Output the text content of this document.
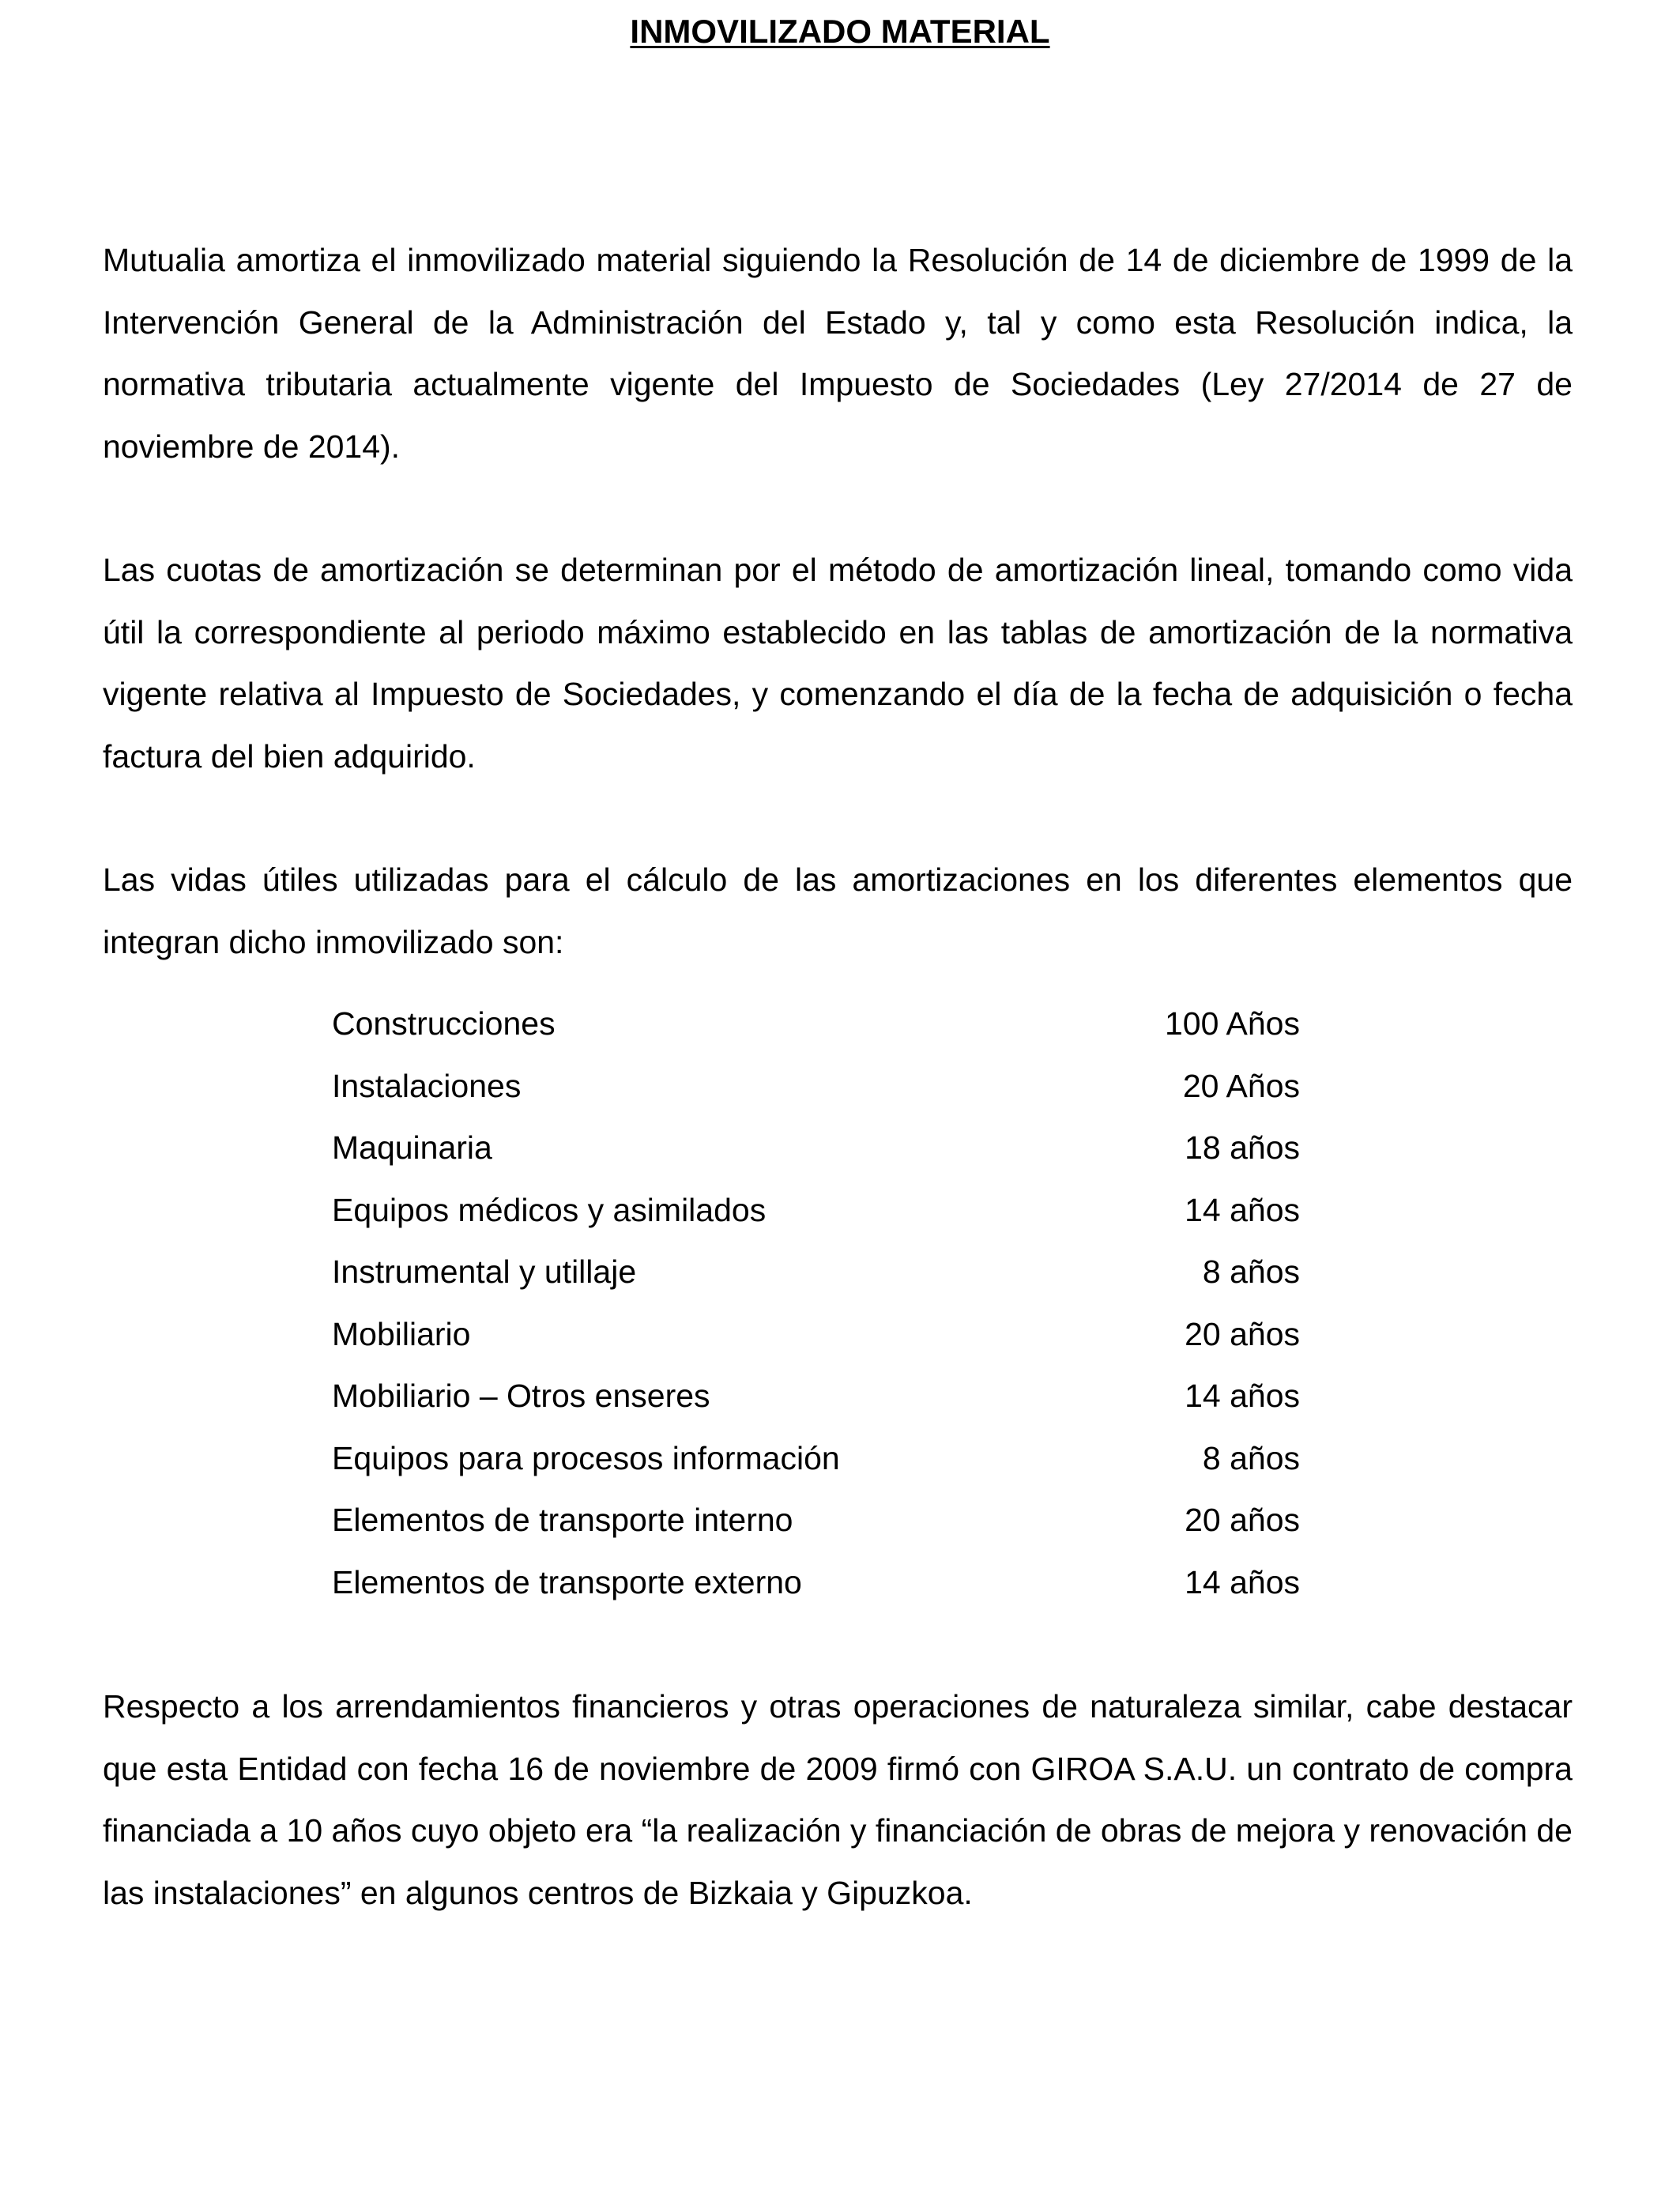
INMOVILIZADO MATERIAL

Mutualia amortiza el inmovilizado material siguiendo la Resolución de 14 de diciembre de 1999 de la Intervención General de la Administración del Estado y, tal y como esta Resolución indica, la normativa tributaria actualmente vigente del Impuesto de Sociedades (Ley 27/2014 de 27 de noviembre de 2014).

Las cuotas de amortización se determinan por el método de amortización lineal, tomando como vida útil la correspondiente al periodo máximo establecido en las tablas de amortización de la normativa vigente relativa al Impuesto de Sociedades, y comenzando el día de la fecha de adquisición o fecha factura del bien adquirido.

Las vidas útiles utilizadas para el cálculo de las amortizaciones en los diferentes elementos que integran dicho inmovilizado son:

Construcciones	100 Años
Instalaciones	20 Años
Maquinaria	18 años
Equipos médicos y asimilados	14 años
Instrumental y utillaje	8 años
Mobiliario	20 años
Mobiliario – Otros enseres	14 años
Equipos para procesos información	8 años
Elementos de transporte interno	20 años
Elementos de transporte externo	14 años

Respecto a los arrendamientos financieros y otras operaciones de naturaleza similar, cabe destacar que esta Entidad con fecha 16 de noviembre de 2009 firmó con GIROA S.A.U. un contrato de compra financiada a 10 años cuyo objeto era “la realización y financiación de obras de mejora y renovación de las instalaciones” en algunos centros de Bizkaia y Gipuzkoa.
